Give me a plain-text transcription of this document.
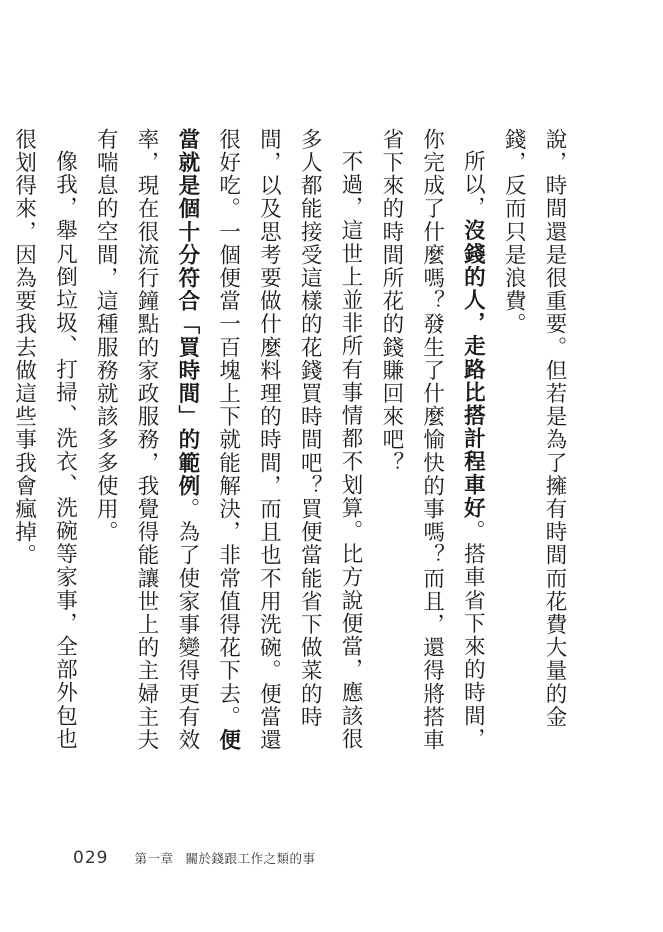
說，時間還是很重要。但若是為了擁有時間而花費大量的金錢，反而只是浪費。

所以，沒錢的人，走路比搭計程車好。搭車省下來的時間，你完成了什麼嗎？發生了什麼愉快的事嗎？而且，還得將搭車省下來的時間所花的錢賺回來吧？

不過，這世上並非所有事情都不划算。比方說便當，應該很多人都能接受這樣的花錢買時間吧？買便當能省下做菜的時間，以及思考要做什麼料理的時間，而且也不用洗碗。便當還很好吃。一個便當一百塊上下就能解決，非常值得花下去。便當就是個十分符合「買時間」的範例。為了使家事變得更有效率，現在很流行鐘點的家政服務，我覺得能讓世上的主婦主夫有喘息的空間，這種服務就該多多使用。

像我，舉凡倒垃圾、打掃、洗衣、洗碗等家事，全部外包也很划得來，因為要我去做這些事我會瘋掉。

029 第一章 關於錢跟工作之類的事
